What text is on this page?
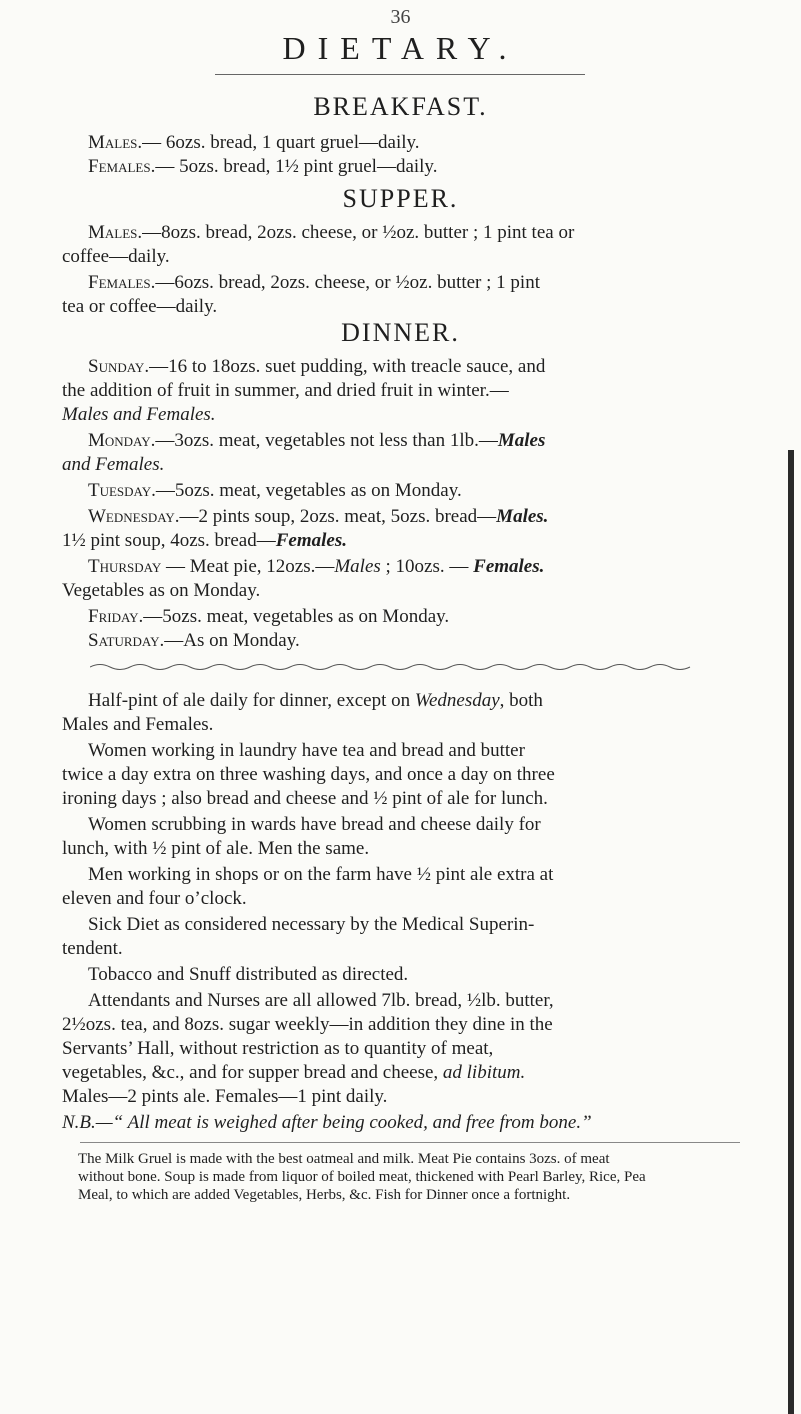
36
DIETARY.
BREAKFAST.
Males.— 6ozs. bread, 1 quart gruel—daily.
Females.— 5ozs. bread, 1½ pint gruel—daily.
SUPPER.
Males.—8ozs. bread, 2ozs. cheese, or ½oz. butter ; 1 pint tea or
coffee—daily.
Females.—6ozs. bread, 2ozs. cheese, or ½oz. butter ; 1 pint
tea or coffee—daily.
DINNER.
Sunday.—16 to 18ozs. suet pudding, with treacle sauce, and
the addition of fruit in summer, and dried fruit in winter.—
Males and Females.
Monday.—3ozs. meat, vegetables not less than 1lb.—Males
and Females.
Tuesday.—5ozs. meat, vegetables as on Monday.
Wednesday.—2 pints soup, 2ozs. meat, 5ozs. bread—Males.
1½ pint soup, 4ozs. bread—Females.
Thursday — Meat pie, 12ozs.—Males ; 10ozs. — Females.
Vegetables as on Monday.
Friday.—5ozs. meat, vegetables as on Monday.
Saturday.—As on Monday.
Half-pint of ale daily for dinner, except on Wednesday, both
Males and Females.
Women working in laundry have tea and bread and butter
twice a day extra on three washing days, and once a day on three
ironing days ; also bread and cheese and ½ pint of ale for lunch.
Women scrubbing in wards have bread and cheese daily for
lunch, with ½ pint of ale. Men the same.
Men working in shops or on the farm have ½ pint ale extra at
eleven and four o’clock.
Sick Diet as considered necessary by the Medical Superin-
tendent.
Tobacco and Snuff distributed as directed.
Attendants and Nurses are all allowed 7lb. bread, ½lb. butter,
2½ozs. tea, and 8ozs. sugar weekly—in addition they dine in the
Servants’ Hall, without restriction as to quantity of meat,
vegetables, &c., and for supper bread and cheese, ad libitum.
Males—2 pints ale. Females—1 pint daily.
N.B.—“ All meat is weighed after being cooked, and free from bone.”
The Milk Gruel is made with the best oatmeal and milk. Meat Pie contains 3ozs. of meat
without bone. Soup is made from liquor of boiled meat, thickened with Pearl Barley, Rice, Pea
Meal, to which are added Vegetables, Herbs, &c. Fish for Dinner once a fortnight.
